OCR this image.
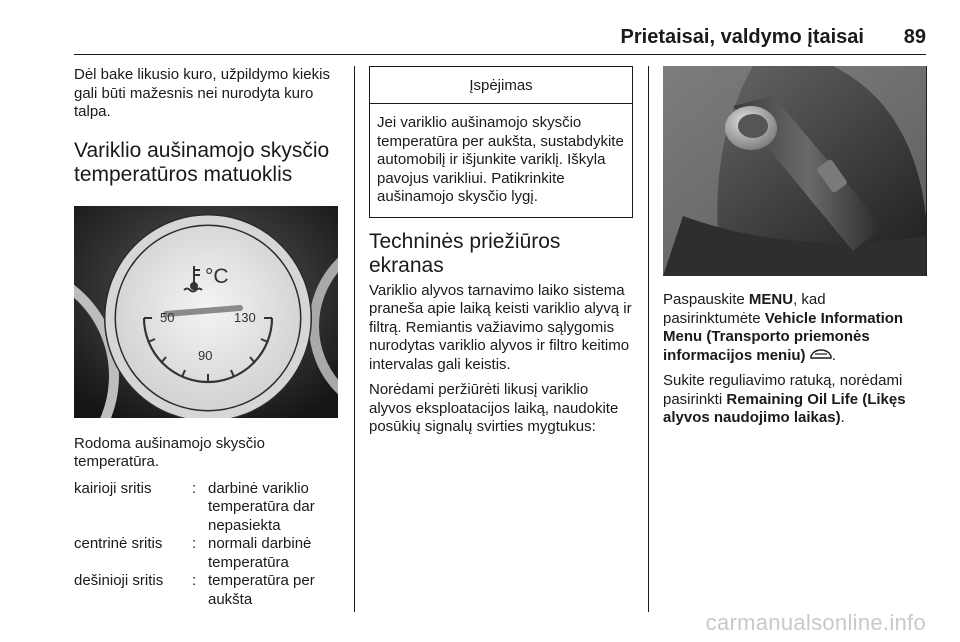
Prietaisai, valdymo įtaisai 89

Dėl bake likusio kuro, užpildymo kiekis gali būti mažesnis nei nurodyta kuro talpa.

Variklio aušinamojo skysčio temperatūros matuoklis
°C
50	130
90

Rodoma aušinamojo skysčio temperatūra.

kairioji sritis	: darbinė variklio temperatūra dar nepasiekta
centrinė sritis	: normali darbinė temperatūra
dešinioji sritis	: temperatūra per aukšta
Įspėjimas
Jei variklio aušinamojo skysčio temperatūra per aukšta, sustabdykite automobilį ir išjunkite variklį. Iškyla pavojus varikliui. Patikrinkite aušinamojo skysčio lygį.
Techninės priežiūros ekranas

Variklio alyvos tarnavimo laiko sistema praneša apie laiką keisti variklio alyvą ir filtrą. Remiantis važiavimo sąlygomis nurodytas variklio alyvos ir filtro keitimo intervalas gali keistis.

Norėdami peržiūrėti likusį variklio alyvos eksploatacijos laiką, naudokite posūkių signalų svirties mygtukus:

Paspauskite MENU, kad pasirinktumėte Vehicle Information Menu (Transporto priemonės informacijos meniu) .

Sukite reguliavimo ratuką, norėdami pasirinkti Remaining Oil Life (Likęs alyvos naudojimo laikas).

carmanualsonline.info
